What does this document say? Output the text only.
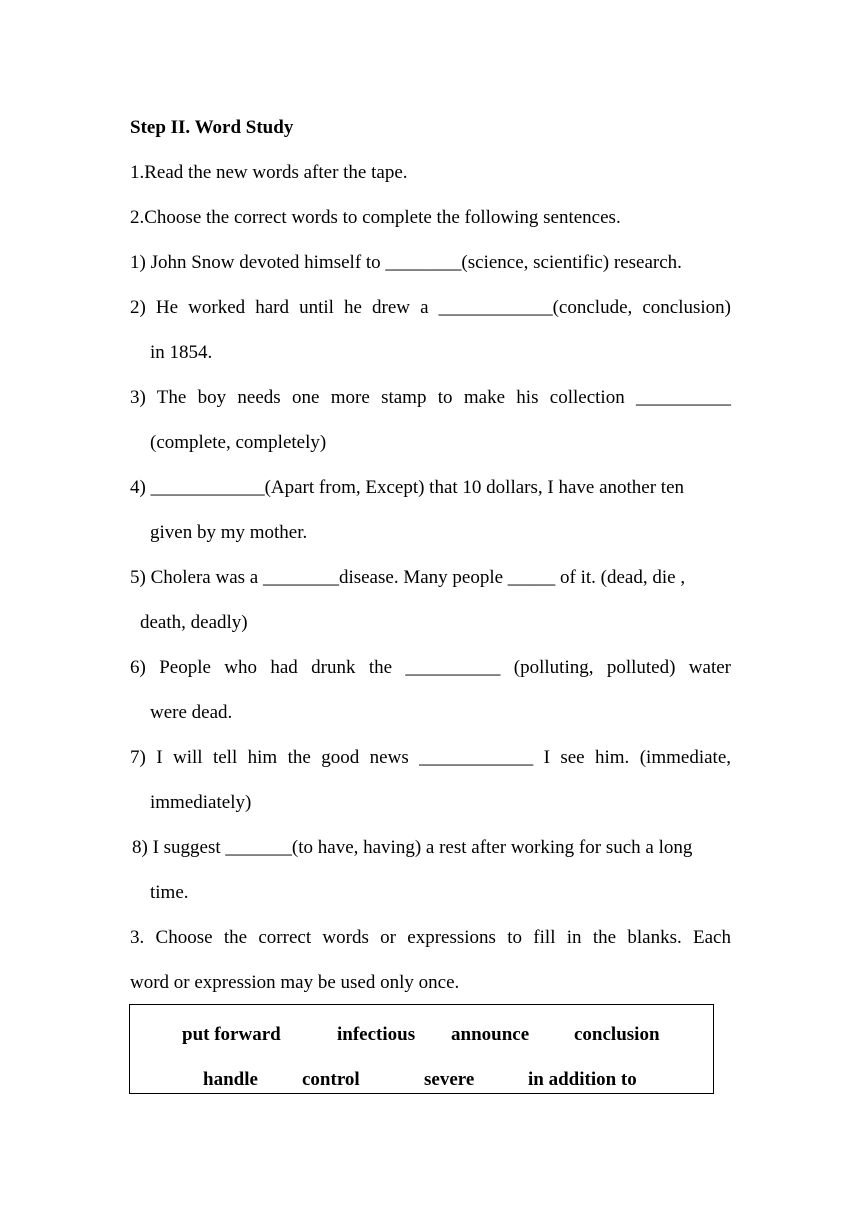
Step II. Word Study
1.Read the new words after the tape.
2.Choose the correct words to complete the following sentences.
1) John Snow devoted himself to ________(science, scientific) research.
2) He worked hard until he drew a ____________(conclude, conclusion)
in 1854.
3) The boy needs one more stamp to make his collection __________
(complete, completely)
4) ____________(Apart from, Except) that 10 dollars, I have another ten
given by my mother.
5) Cholera was a ________disease. Many people _____ of it. (dead, die ,
death, deadly)
6) People who had drunk the __________ (polluting, polluted) water
were dead.
7) I will tell him the good news ____________ I see him. (immediate,
immediately)
8) I suggest _______(to have, having) a rest after working for such a long
time.
3. Choose the correct words or expressions to fill in the blanks. Each
word or expression may be used only once.
put forward	infectious announce conclusion
handle control	severe	in addition to
